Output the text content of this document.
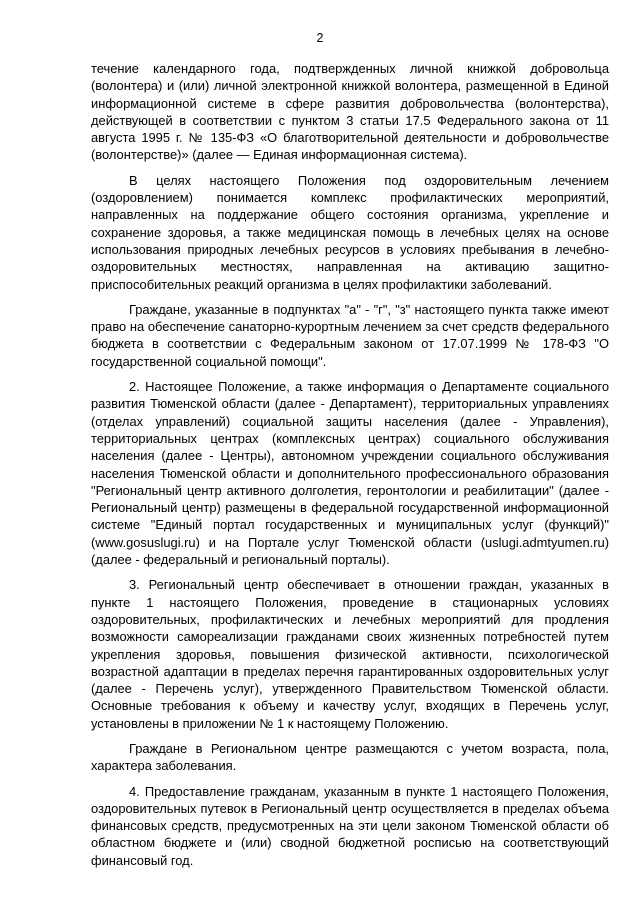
2

течение календарного года, подтвержденных личной книжкой добровольца (волонтера) и (или) личной электронной книжкой волонтера, размещенной в Единой информационной системе в сфере развития добровольчества (волонтерства), действующей в соответствии с пунктом 3 статьи 17.5 Федерального закона от 11 августа 1995 г. № 135-ФЗ «О благотворительной деятельности и добровольчестве (волонтерстве)» (далее — Единая информационная система).

В целях настоящего Положения под оздоровительным лечением (оздоровлением) понимается комплекс профилактических мероприятий, направленных на поддержание общего состояния организма, укрепление и сохранение здоровья, а также медицинская помощь в лечебных целях на основе использования природных лечебных ресурсов в условиях пребывания в лечебно-оздоровительных местностях, направленная на активацию защитно-приспособительных реакций организма в целях профилактики заболеваний.

Граждане, указанные в подпунктах "а" - "г", "з" настоящего пункта также имеют право на обеспечение санаторно-курортным лечением за счет средств федерального бюджета в соответствии с Федеральным законом от 17.07.1999 № 178-ФЗ "О государственной социальной помощи".

2. Настоящее Положение, а также информация о Департаменте социального развития Тюменской области (далее - Департамент), территориальных управлениях (отделах управлений) социальной защиты населения (далее - Управления), территориальных центрах (комплексных центрах) социального обслуживания населения (далее - Центры), автономном учреждении социального обслуживания населения Тюменской области и дополнительного профессионального образования "Региональный центр активного долголетия, геронтологии и реабилитации" (далее - Региональный центр) размещены в федеральной государственной информационной системе "Единый портал государственных и муниципальных услуг (функций)" (www.gosuslugi.ru) и на Портале услуг Тюменской области (uslugi.admtyumen.ru) (далее - федеральный и региональный порталы).

3. Региональный центр обеспечивает в отношении граждан, указанных в пункте 1 настоящего Положения, проведение в стационарных условиях оздоровительных, профилактических и лечебных мероприятий для продления возможности самореализации гражданами своих жизненных потребностей путем укрепления здоровья, повышения физической активности, психологической возрастной адаптации в пределах перечня гарантированных оздоровительных услуг (далее - Перечень услуг), утвержденного Правительством Тюменской области. Основные требования к объему и качеству услуг, входящих в Перечень услуг, установлены в приложении № 1 к настоящему Положению.

Граждане в Региональном центре размещаются с учетом возраста, пола, характера заболевания.

4. Предоставление гражданам, указанным в пункте 1 настоящего Положения, оздоровительных путевок в Региональный центр осуществляется в пределах объема финансовых средств, предусмотренных на эти цели законом Тюменской области об областном бюджете и (или) сводной бюджетной росписью на соответствующий финансовый год.
